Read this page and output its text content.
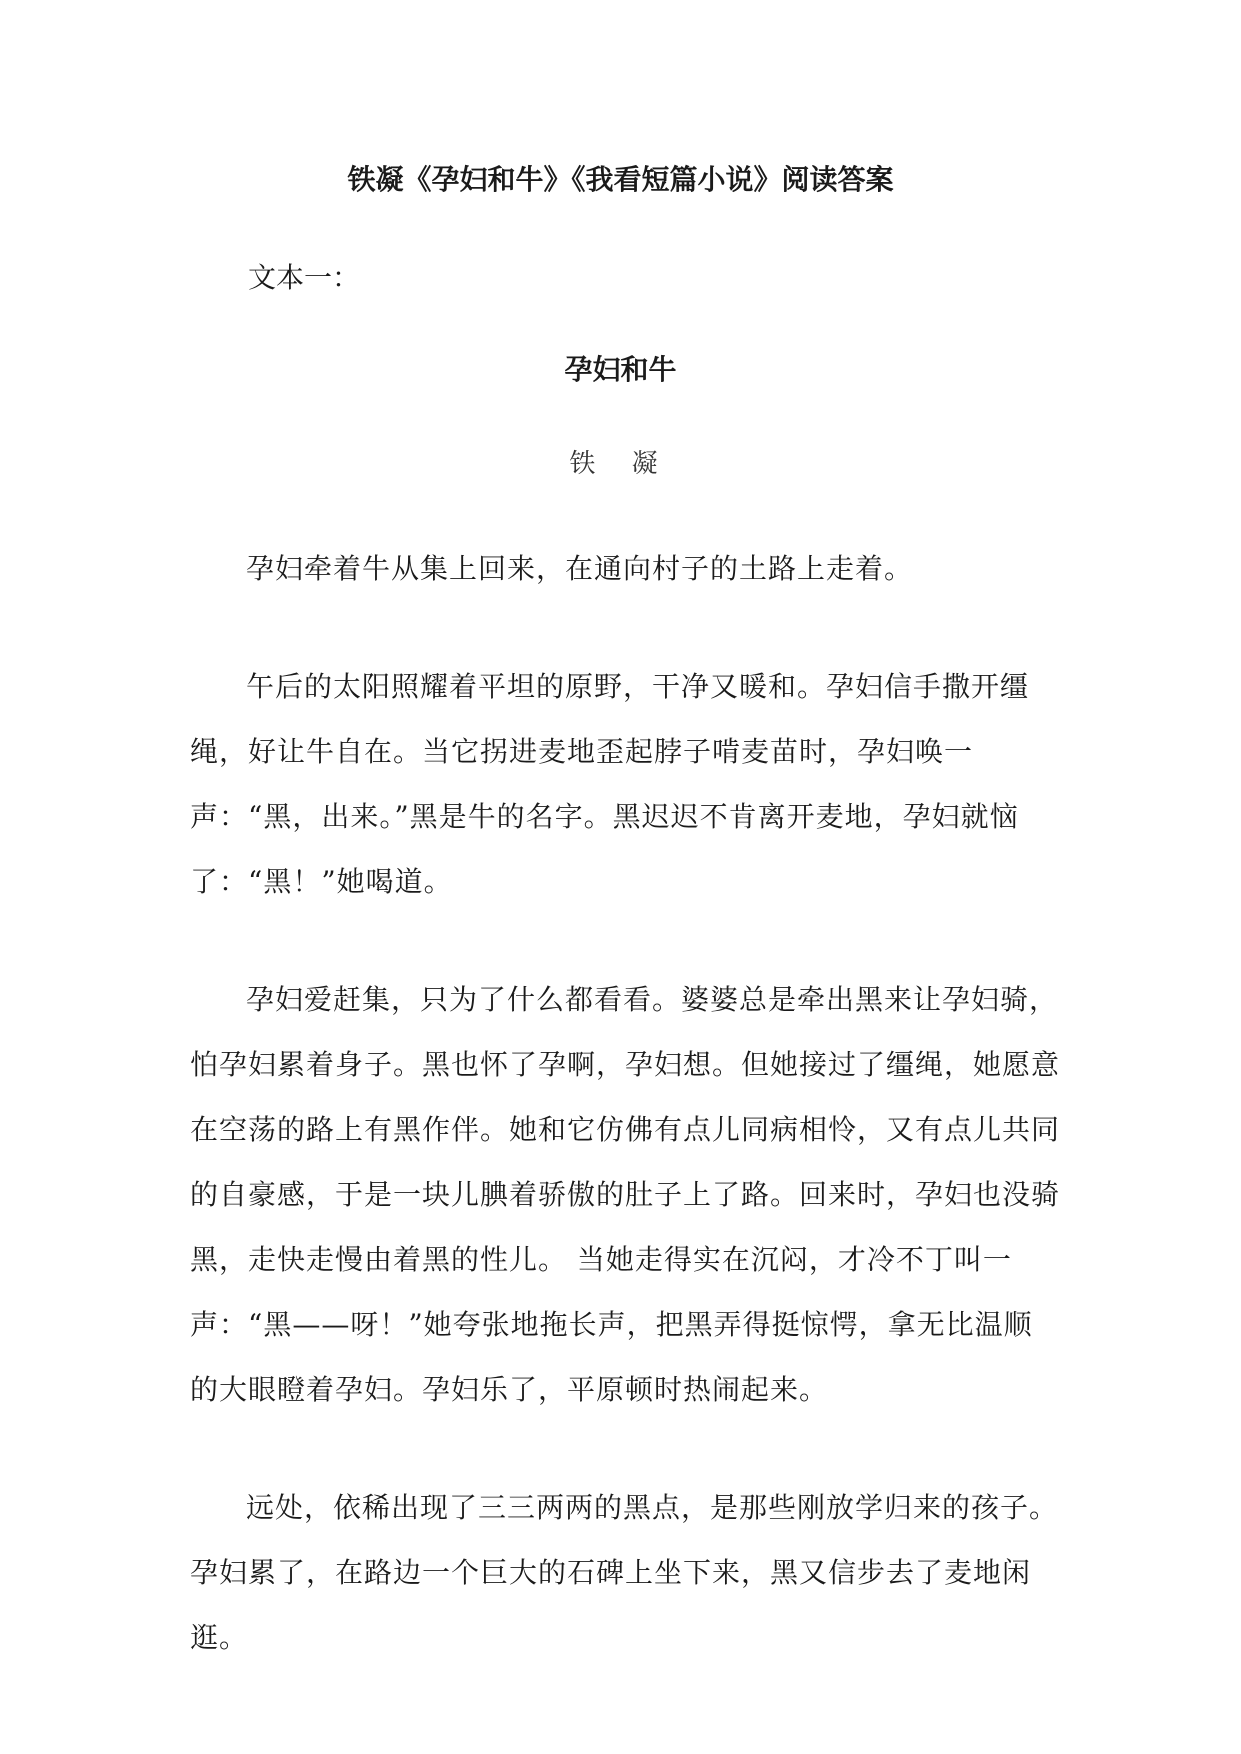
铁凝《孕妇和牛》《我看短篇小说》阅读答案

文本一：

孕妇和牛

铁 凝

孕妇牵着牛从集上回来，在通向村子的土路上走着。

午后的太阳照耀着平坦的原野，干净又暖和。孕妇信手撒开缰绳，好让牛自在。当它拐进麦地歪起脖子啃麦苗时，孕妇唤一声：“黑，出来。”黑是牛的名字。黑迟迟不肯离开麦地，孕妇就恼了：“黑！”她喝道。

孕妇爱赶集，只为了什么都看看。婆婆总是牵出黑来让孕妇骑，怕孕妇累着身子。黑也怀了孕啊，孕妇想。但她接过了缰绳，她愿意在空荡的路上有黑作伴。她和它仿佛有点儿同病相怜，又有点儿共同的自豪感，于是一块儿腆着骄傲的肚子上了路。回来时，孕妇也没骑黑，走快走慢由着黑的性儿。 当她走得实在沉闷，才冷不丁叫一声：“黑——呀！”她夸张地拖长声，把黑弄得挺惊愕，拿无比温顺的大眼瞪着孕妇。孕妇乐了，平原顿时热闹起来。

远处，依稀出现了三三两两的黑点，是那些刚放学归来的孩子。孕妇累了，在路边一个巨大的石碑上坐下来，黑又信步去了麦地闲逛。
